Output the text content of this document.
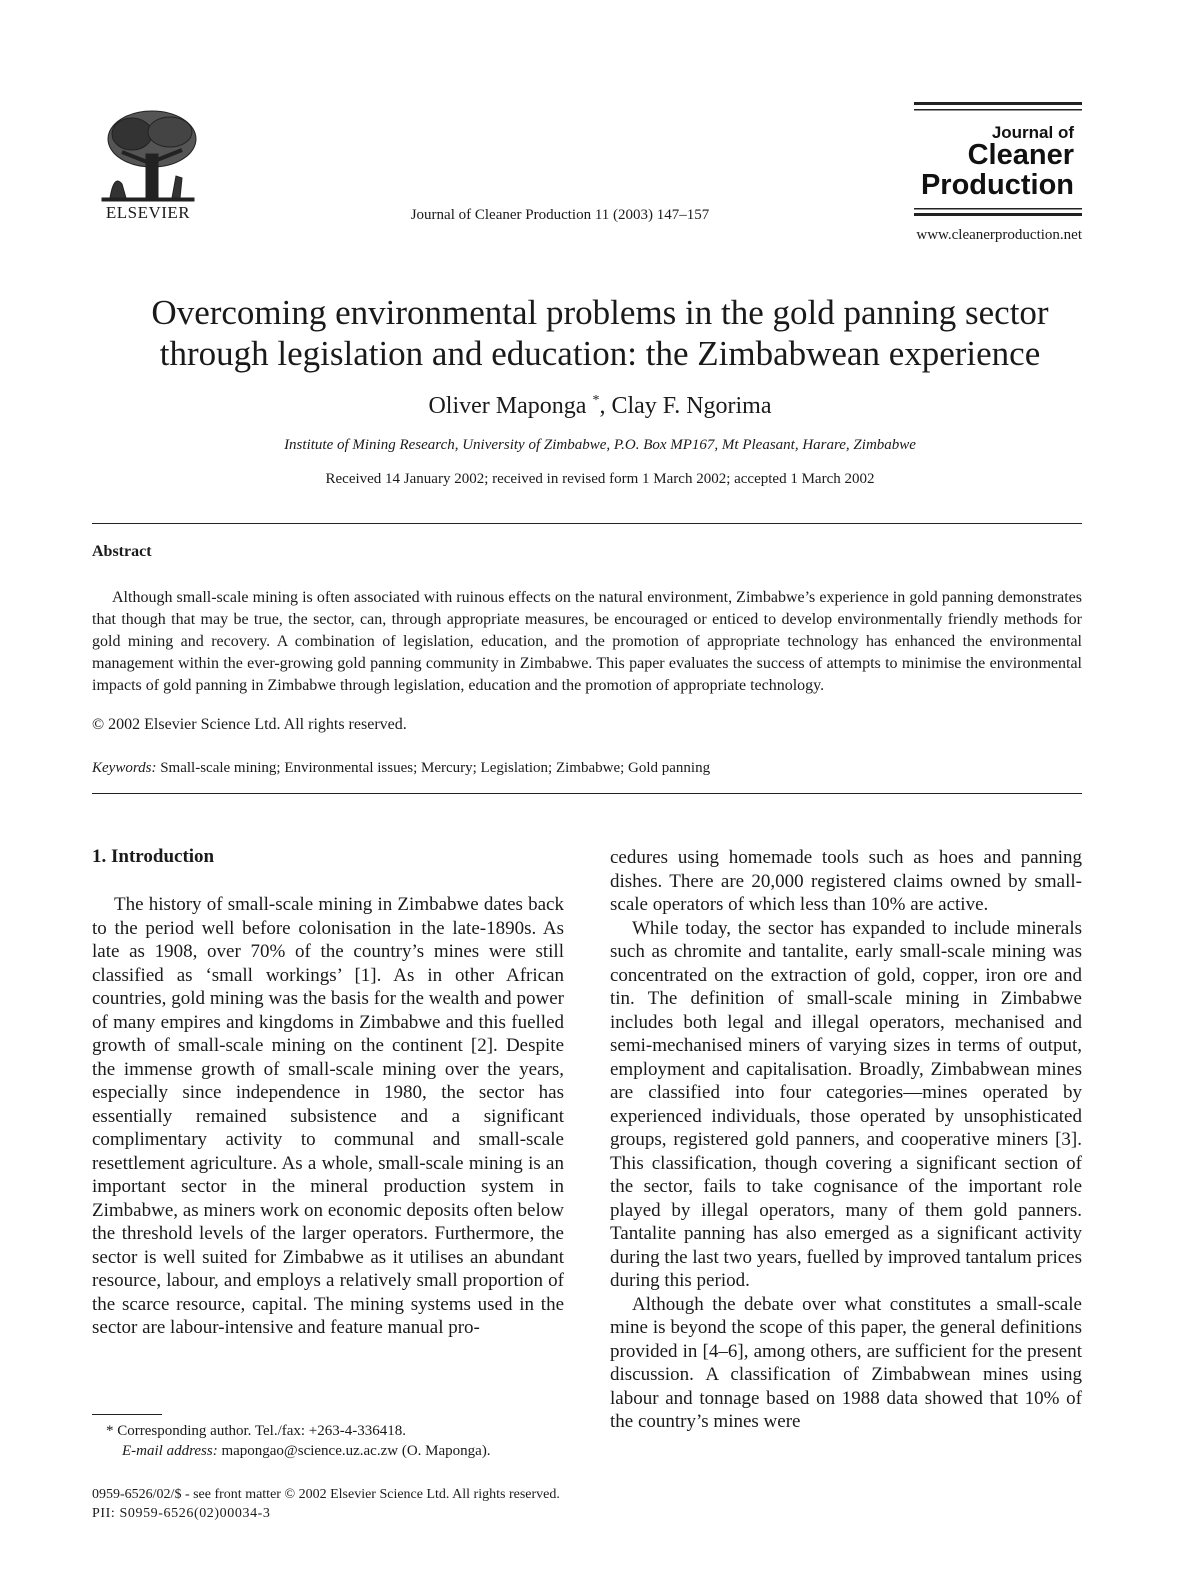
ELSEVIER	Journal of Cleaner Production 11 (2003) 147–157
Journal of
Cleaner
Production
www.cleanerproduction.net
Overcoming environmental problems in the gold panning sector
through legislation and education: the Zimbabwean experience
Oliver Maponga *, Clay F. Ngorima
Institute of Mining Research, University of Zimbabwe, P.O. Box MP167, Mt Pleasant, Harare, Zimbabwe
Received 14 January 2002; received in revised form 1 March 2002; accepted 1 March 2002
Abstract

Although small-scale mining is often associated with ruinous effects on the natural environment, Zimbabwe’s experience in gold panning demonstrates that though that may be true, the sector, can, through appropriate measures, be encouraged or enticed to develop environmentally friendly methods for gold mining and recovery. A combination of legislation, education, and the promotion of appropriate technology has enhanced the environmental management within the ever-growing gold panning community in Zimbabwe. This paper evaluates the success of attempts to minimise the environmental impacts of gold panning in Zimbabwe through legislation, education and the promotion of appropriate technology.

© 2002 Elsevier Science Ltd. All rights reserved.
Keywords: Small-scale mining; Environmental issues; Mercury; Legislation; Zimbabwe; Gold panning
1. Introduction

The history of small-scale mining in Zimbabwe dates back to the period well before colonisation in the late-1890s. As late as 1908, over 70% of the country’s mines were still classified as ‘small workings’ [1]. As in other African countries, gold mining was the basis for the wealth and power of many empires and kingdoms in Zimbabwe and this fuelled growth of small-scale mining on the continent [2]. Despite the immense growth of small-scale mining over the years, especially since independence in 1980, the sector has essentially remained subsistence and a significant complimentary activity to communal and small-scale resettlement agriculture. As a whole, small-scale mining is an important sector in the mineral production system in Zimbabwe, as miners work on economic deposits often below the threshold levels of the larger operators. Furthermore, the sector is well suited for Zimbabwe as it utilises an abundant resource, labour, and employs a relatively small proportion of the scarce resource, capital. The mining systems used in the sector are labour-intensive and feature manual pro-

cedures using homemade tools such as hoes and panning dishes. There are 20,000 registered claims owned by small-scale operators of which less than 10% are active.

While today, the sector has expanded to include minerals such as chromite and tantalite, early small-scale mining was concentrated on the extraction of gold, copper, iron ore and tin. The definition of small-scale mining in Zimbabwe includes both legal and illegal operators, mechanised and semi-mechanised miners of varying sizes in terms of output, employment and capitalisation. Broadly, Zimbabwean mines are classified into four categories—mines operated by experienced individuals, those operated by unsophisticated groups, registered gold panners, and cooperative miners [3]. This classification, though covering a significant section of the sector, fails to take cognisance of the important role played by illegal operators, many of them gold panners. Tantalite panning has also emerged as a significant activity during the last two years, fuelled by improved tantalum prices during this period.

Although the debate over what constitutes a small-scale mine is beyond the scope of this paper, the general definitions provided in [4–6], among others, are sufficient for the present discussion. A classification of Zimbabwean mines using labour and tonnage based on 1988 data showed that 10% of the country’s mines were

* Corresponding author. Tel./fax: +263-4-336418.
E-mail address: mapongao@science.uz.ac.zw (O. Maponga).
0959-6526/02/$ - see front matter © 2002 Elsevier Science Ltd. All rights reserved.
PII: S0959-6526(02)00034-3
